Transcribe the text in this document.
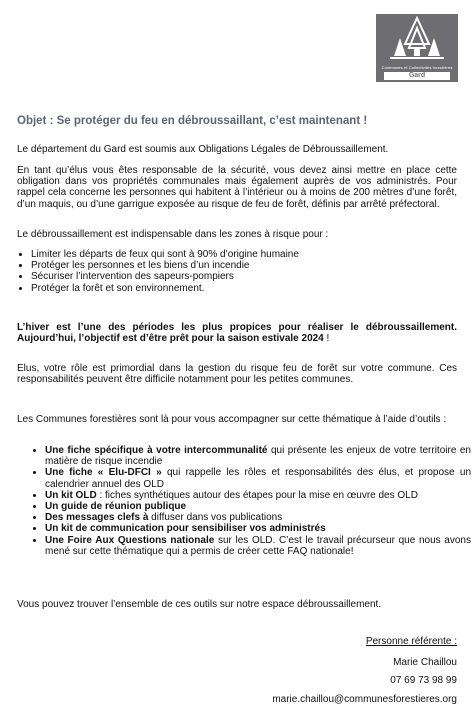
Communes et Collectivités forestières
Gard
Objet : Se protéger du feu en débroussaillant, c’est maintenant !

Le département du Gard est soumis aux Obligations Légales de Débroussaillement.

En tant qu’élus vous êtes responsable de la sécurité, vous devez ainsi mettre en place cette obligation dans vos propriétés communales mais également auprès de vos administrés. Pour rappel cela concerne les personnes qui habitent à l’intérieur ou à moins de 200 mètres d’une forêt, d’un maquis, ou d’une garrigue exposée au risque de feu de forêt, définis par arrêté préfectoral.

Le débroussaillement est indispensable dans les zones à risque pour :

• Limiter les départs de feux qui sont à 90% d’origine humaine
• Protéger les personnes et les biens d’un incendie
• Sécuriser l’intervention des sapeurs-pompiers
• Protéger la forêt et son environnement.

L’hiver est l’une des périodes les plus propices pour réaliser le débroussaillement. Aujourd’hui, l’objectif est d’être prêt pour la saison estivale 2024 !

Elus, votre rôle est primordial dans la gestion du risque feu de forêt sur votre commune. Ces responsabilités peuvent être difficile notamment pour les petites communes.

Les Communes forestières sont là pour vous accompagner sur cette thématique à l’aide d’outils :

• Une fiche spécifique à votre intercommunalité qui présente les enjeux de votre territoire en matière de risque incendie
• Une fiche « Elu-DFCI » qui rappelle les rôles et responsabilités des élus, et propose un calendrier annuel des OLD
• Un kit OLD : fiches synthétiques autour des étapes pour la mise en œuvre des OLD
• Un guide de réunion publique
• Des messages clefs à diffuser dans vos publications
• Un kit de communication pour sensibiliser vos administrés
• Une Foire Aux Questions nationale sur les OLD. C’est le travail précurseur que nous avons mené sur cette thématique qui a permis de créer cette FAQ nationale!

Vous pouvez trouver l’ensemble de ces outils sur notre espace débroussaillement.

Personne référente :
Marie Chaillou
07 69 73 98 99
marie.chaillou@communesforestieres.org
